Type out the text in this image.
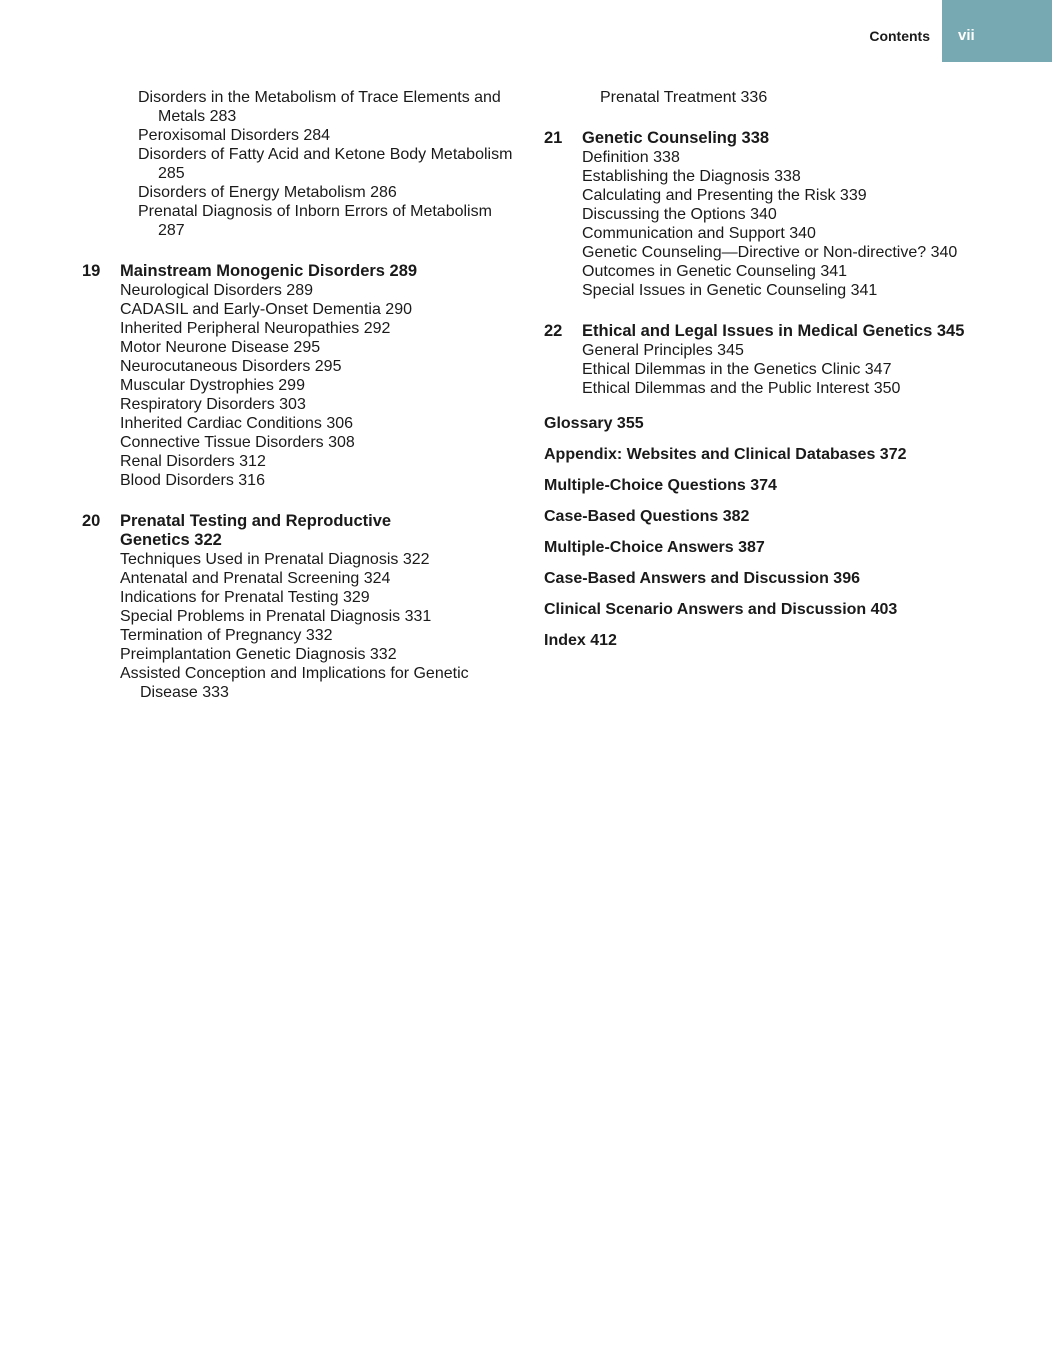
Contents	vii
Disorders in the Metabolism of Trace Elements and Metals 283
Peroxisomal Disorders 284
Disorders of Fatty Acid and Ketone Body Metabolism 285
Disorders of Energy Metabolism 286
Prenatal Diagnosis of Inborn Errors of Metabolism 287
19	Mainstream Monogenic Disorders 289
Neurological Disorders 289
CADASIL and Early-Onset Dementia 290
Inherited Peripheral Neuropathies 292
Motor Neurone Disease 295
Neurocutaneous Disorders 295
Muscular Dystrophies 299
Respiratory Disorders 303
Inherited Cardiac Conditions 306
Connective Tissue Disorders 308
Renal Disorders 312
Blood Disorders 316
20	Prenatal Testing and Reproductive Genetics 322
Techniques Used in Prenatal Diagnosis 322
Antenatal and Prenatal Screening 324
Indications for Prenatal Testing 329
Special Problems in Prenatal Diagnosis 331
Termination of Pregnancy 332
Preimplantation Genetic Diagnosis 332
Assisted Conception and Implications for Genetic Disease 333
Prenatal Treatment 336
21	Genetic Counseling 338
Definition 338
Establishing the Diagnosis 338
Calculating and Presenting the Risk 339
Discussing the Options 340
Communication and Support 340
Genetic Counseling—Directive or Non-directive? 340
Outcomes in Genetic Counseling 341
Special Issues in Genetic Counseling 341
22	Ethical and Legal Issues in Medical Genetics 345
General Principles 345
Ethical Dilemmas in the Genetics Clinic 347
Ethical Dilemmas and the Public Interest 350
Glossary 355
Appendix: Websites and Clinical Databases 372
Multiple-Choice Questions 374
Case-Based Questions 382
Multiple-Choice Answers 387
Case-Based Answers and Discussion 396
Clinical Scenario Answers and Discussion 403
Index 412
